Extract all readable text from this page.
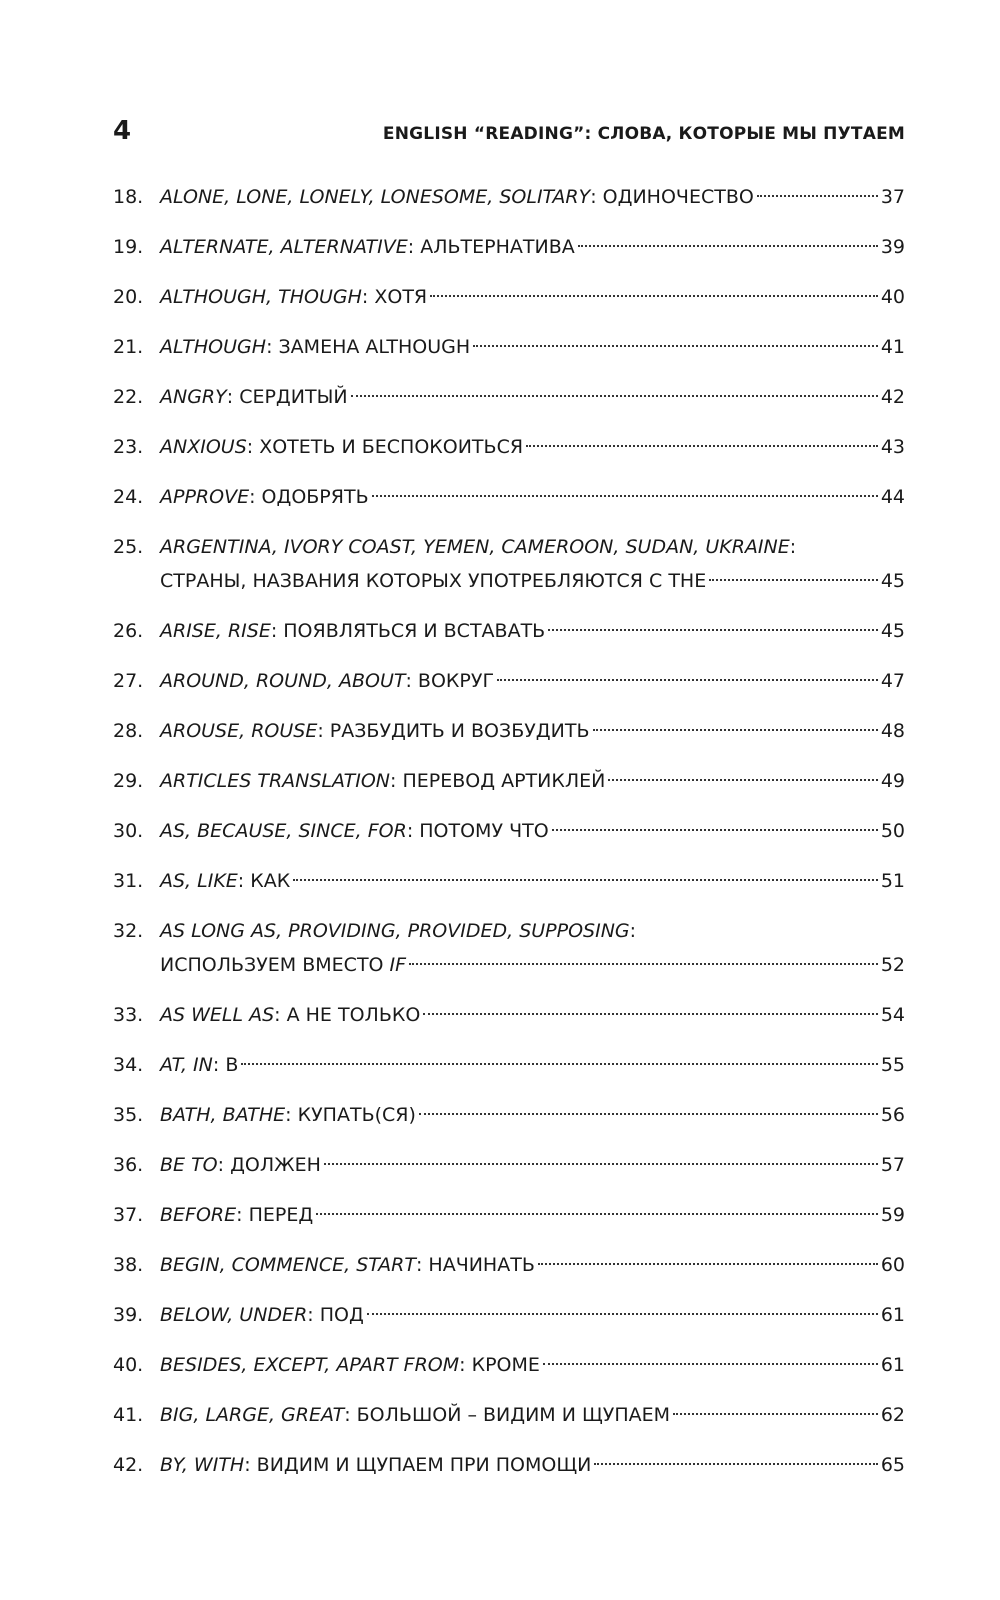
4	ENGLISH “READING”: СЛОВА, КОТОРЫЕ МЫ ПУТАЕМ
18. ALONE, LONE, LONELY, LONESOME, SOLITARY: ОДИНОЧЕСТВО	37
19. ALTERNATE, ALTERNATIVE: АЛЬТЕРНАТИВА	39
20. ALTHOUGH, THOUGH: ХОТЯ	40
21. ALTHOUGH: ЗАМЕНА ALTHOUGH	41
22. ANGRY: СЕРДИТЫЙ	42
23. ANXIOUS: ХОТЕТЬ И БЕСПОКОИТЬСЯ	43
24. APPROVE: ОДОБРЯТЬ	44
25. ARGENTINA, IVORY COAST, YEMEN, CAMEROON, SUDAN, UKRAINE:
СТРАНЫ, НАЗВАНИЯ КОТОРЫХ УПОТРЕБЛЯЮТСЯ С THE	45
26. ARISE, RISE: ПОЯВЛЯТЬСЯ И ВСТАВАТЬ	45
27. AROUND, ROUND, ABOUT: ВОКРУГ	47
28. AROUSE, ROUSE: РАЗБУДИТЬ И ВОЗБУДИТЬ	48
29. ARTICLES TRANSLATION: ПЕРЕВОД АРТИКЛЕЙ	49
30. AS, BECAUSE, SINCE, FOR: ПОТОМУ ЧТО	50
31. AS, LIKE: КАК	51
32. AS LONG AS, PROVIDING, PROVIDED, SUPPOSING:
ИСПОЛЬЗУЕМ ВМЕСТО IF	52
33. AS WELL AS: А НЕ ТОЛЬКО	54
34. AT, IN: В	55
35. BATH, BATHE: КУПАТЬ(СЯ)	56
36. BE TO: ДОЛЖЕН	57
37. BEFORE: ПЕРЕД	59
38. BEGIN, COMMENCE, START: НАЧИНАТЬ	60
39. BELOW, UNDER: ПОД	61
40. BESIDES, EXCEPT, APART FROM: КРОМЕ	61
41. BIG, LARGE, GREAT: БОЛЬШОЙ – ВИДИМ И ЩУПАЕМ	62
42. BY, WITH: ВИДИМ И ЩУПАЕМ ПРИ ПОМОЩИ	65
